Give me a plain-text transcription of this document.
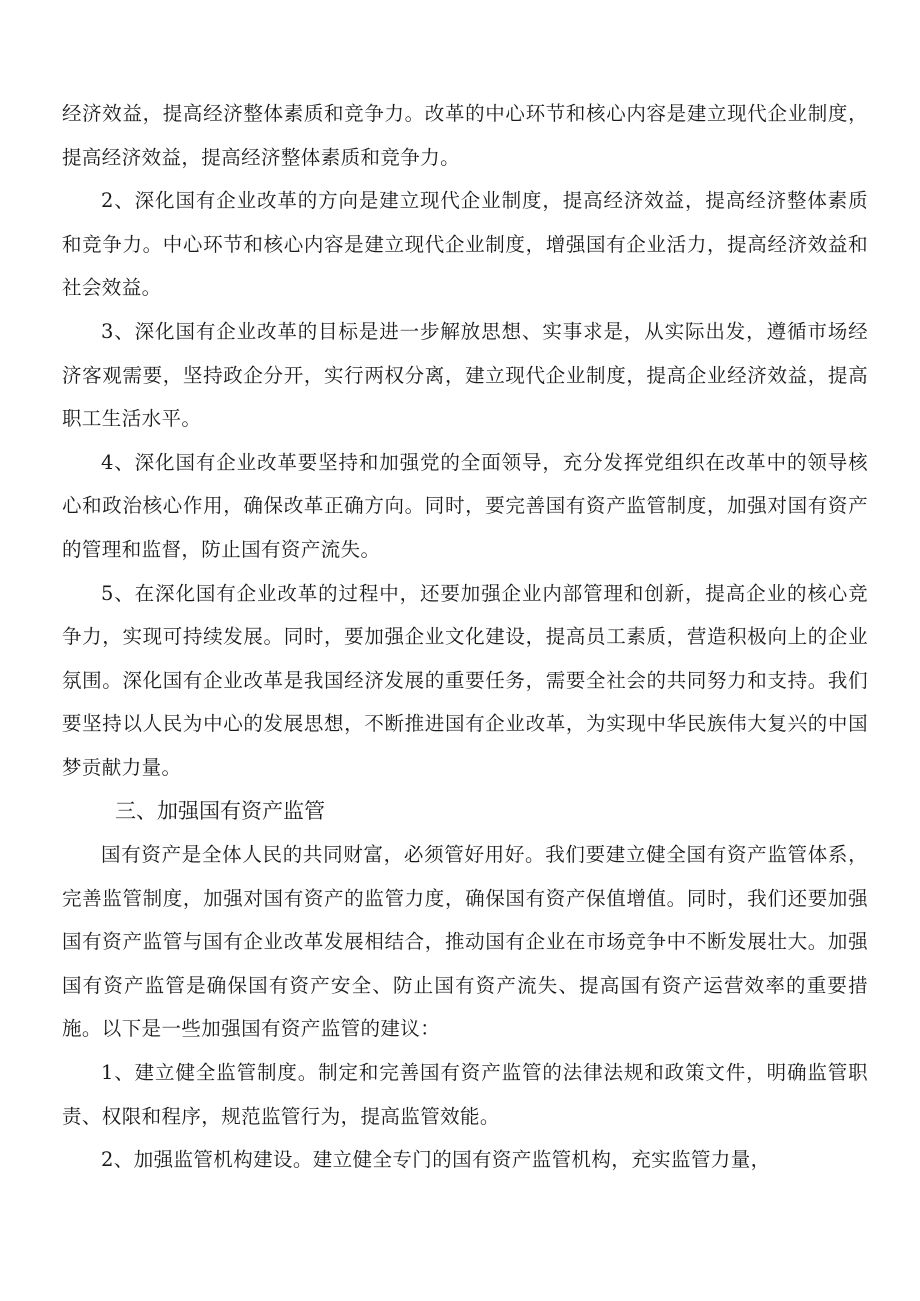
经济效益，提高经济整体素质和竞争力。改革的中心环节和核心内容是建立现代企业制度，提高经济效益，提高经济整体素质和竞争力。

2、深化国有企业改革的方向是建立现代企业制度，提高经济效益，提高经济整体素质和竞争力。中心环节和核心内容是建立现代企业制度，增强国有企业活力，提高经济效益和社会效益。

3、深化国有企业改革的目标是进一步解放思想、实事求是，从实际出发，遵循市场经济客观需要，坚持政企分开，实行两权分离，建立现代企业制度，提高企业经济效益，提高职工生活水平。

4、深化国有企业改革要坚持和加强党的全面领导，充分发挥党组织在改革中的领导核心和政治核心作用，确保改革正确方向。同时，要完善国有资产监管制度，加强对国有资产的管理和监督，防止国有资产流失。

5、在深化国有企业改革的过程中，还要加强企业内部管理和创新，提高企业的核心竞争力，实现可持续发展。同时，要加强企业文化建设，提高员工素质，营造积极向上的企业氛围。深化国有企业改革是我国经济发展的重要任务，需要全社会的共同努力和支持。我们要坚持以人民为中心的发展思想，不断推进国有企业改革，为实现中华民族伟大复兴的中国梦贡献力量。

三、加强国有资产监管

国有资产是全体人民的共同财富，必须管好用好。我们要建立健全国有资产监管体系，完善监管制度，加强对国有资产的监管力度，确保国有资产保值增值。同时，我们还要加强国有资产监管与国有企业改革发展相结合，推动国有企业在市场竞争中不断发展壮大。加强国有资产监管是确保国有资产安全、防止国有资产流失、提高国有资产运营效率的重要措施。以下是一些加强国有资产监管的建议：

1、建立健全监管制度。制定和完善国有资产监管的法律法规和政策文件，明确监管职责、权限和程序，规范监管行为，提高监管效能。

2、加强监管机构建设。建立健全专门的国有资产监管机构，充实监管力量，
